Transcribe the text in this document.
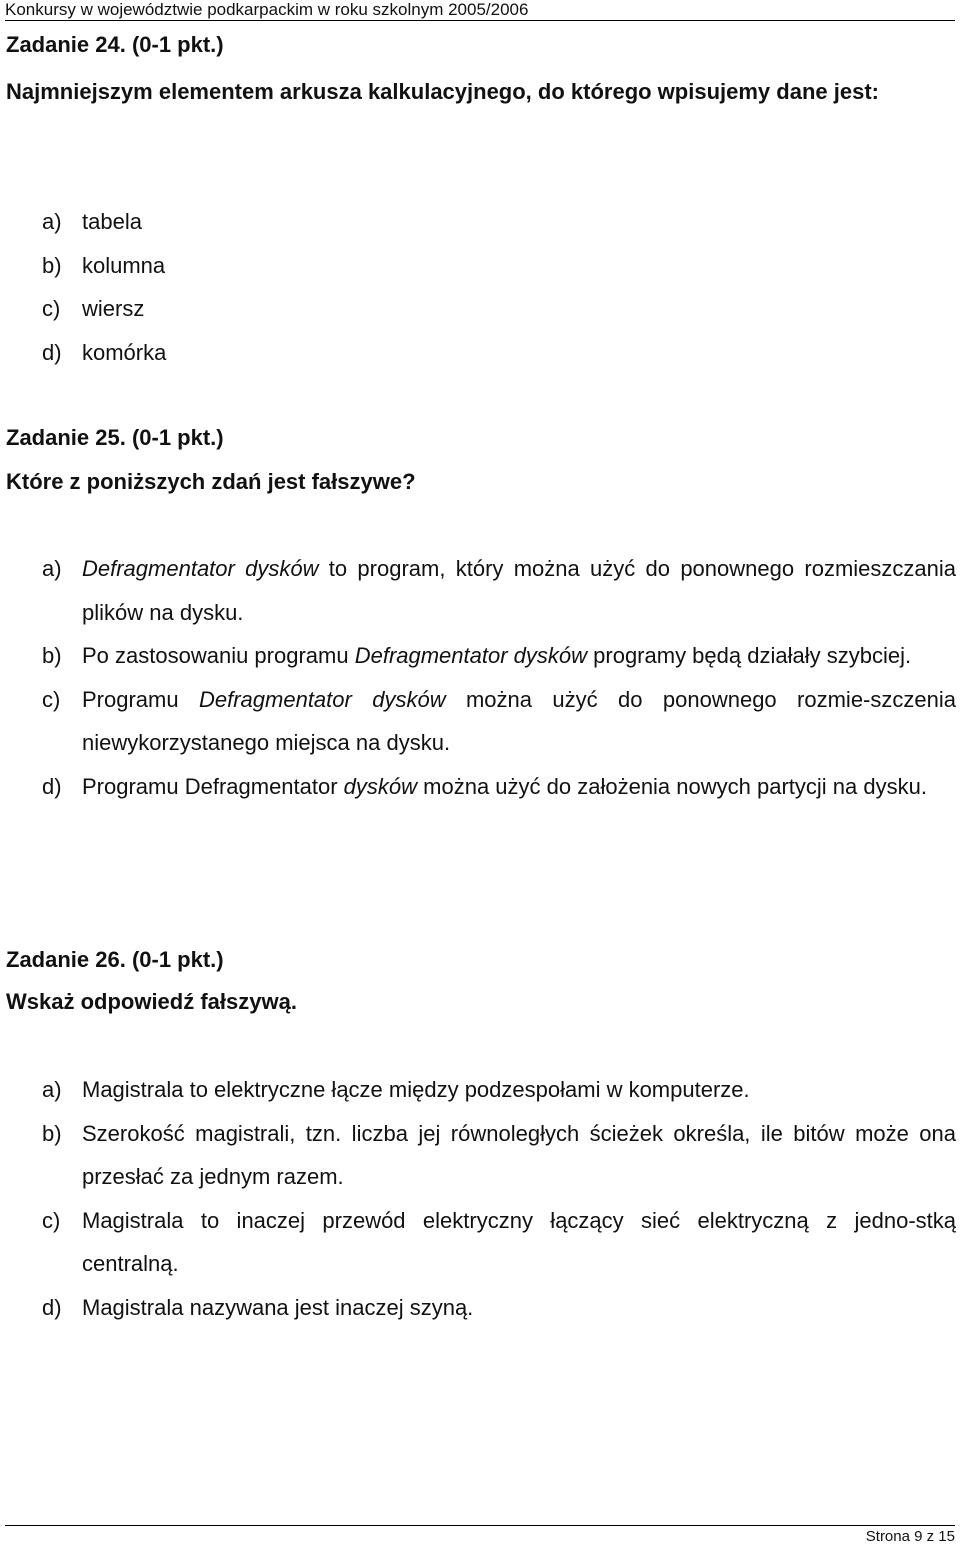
Konkursy w województwie podkarpackim w roku szkolnym 2005/2006
Zadanie 24. (0-1 pkt.)
Najmniejszym elementem arkusza kalkulacyjnego, do którego wpisujemy dane jest:
a) tabela
b) kolumna
c) wiersz
d) komórka
Zadanie 25. (0-1 pkt.)
Które z poniższych zdań jest fałszywe?
a) Defragmentator dysków to program, który można użyć do ponownego rozmieszczania plików na dysku.
b) Po zastosowaniu programu Defragmentator dysków programy będą działały szybciej.
c) Programu Defragmentator dysków można użyć do ponownego rozmie-szczenia niewykorzystanego miejsca na dysku.
d) Programu Defragmentator dysków można użyć do założenia nowych partycji na dysku.
Zadanie 26. (0-1 pkt.)
Wskaż odpowiedź fałszywą.
a) Magistrala to elektryczne łącze między podzespołami w komputerze.
b) Szerokość magistrali, tzn. liczba jej równoległych ścieżek określa, ile bitów może ona przesłać za jednym razem.
c) Magistrala to inaczej przewód elektryczny łączący sieć elektryczną z jedno-stką centralną.
d) Magistrala nazywana jest inaczej szyną.
Strona 9 z 15
